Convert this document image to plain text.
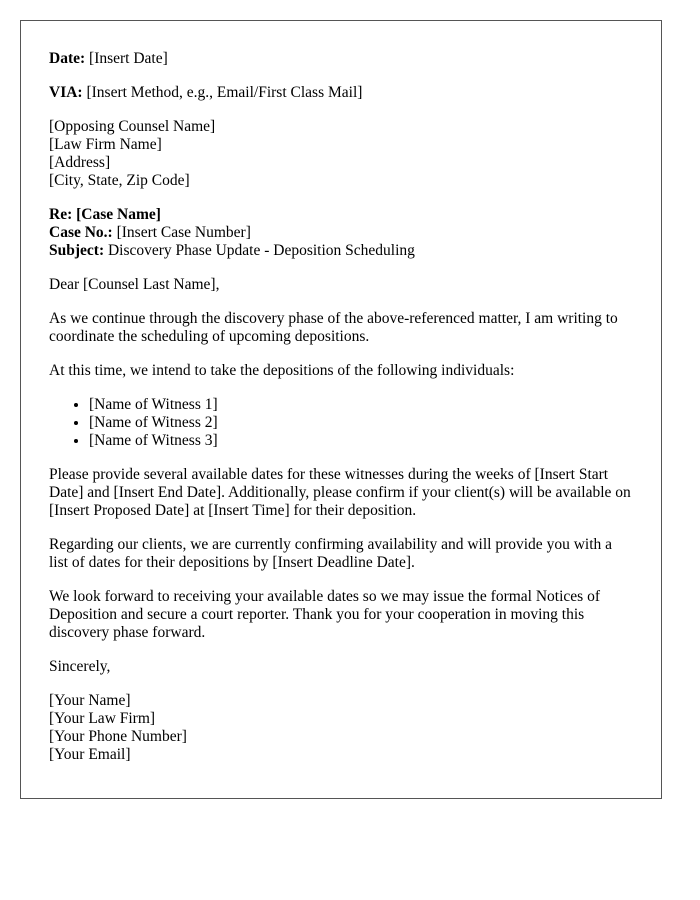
Date: [Insert Date]

VIA: [Insert Method, e.g., Email/First Class Mail]

[Opposing Counsel Name]
[Law Firm Name]
[Address]
[City, State, Zip Code]

Re: [Case Name]
Case No.: [Insert Case Number]
Subject: Discovery Phase Update - Deposition Scheduling

Dear [Counsel Last Name],

As we continue through the discovery phase of the above-referenced matter, I am writing to coordinate the scheduling of upcoming depositions.

At this time, we intend to take the depositions of the following individuals:

• [Name of Witness 1]
• [Name of Witness 2]
• [Name of Witness 3]

Please provide several available dates for these witnesses during the weeks of [Insert Start Date] and [Insert End Date]. Additionally, please confirm if your client(s) will be available on [Insert Proposed Date] at [Insert Time] for their deposition.

Regarding our clients, we are currently confirming availability and will provide you with a list of dates for their depositions by [Insert Deadline Date].

We look forward to receiving your available dates so we may issue the formal Notices of Deposition and secure a court reporter. Thank you for your cooperation in moving this discovery phase forward.

Sincerely,

[Your Name]
[Your Law Firm]
[Your Phone Number]
[Your Email]
